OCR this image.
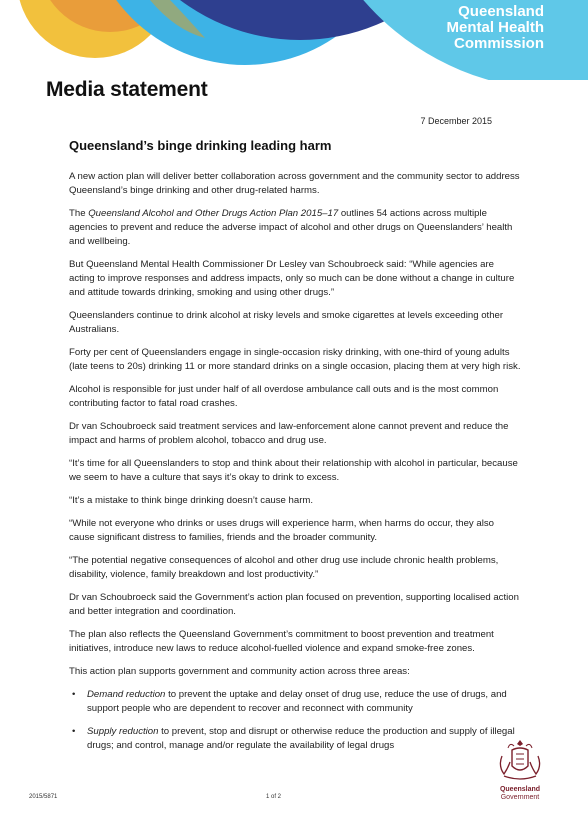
Queensland
Mental Health
Commission
Media statement
7 December 2015
Queensland’s binge drinking leading harm

A new action plan will deliver better collaboration across government and the community sector to address Queensland’s binge drinking and other drug-related harms.

The Queensland Alcohol and Other Drugs Action Plan 2015–17 outlines 54 actions across multiple agencies to prevent and reduce the adverse impact of alcohol and other drugs on Queenslanders’ health and wellbeing.

But Queensland Mental Health Commissioner Dr Lesley van Schoubroeck said: “While agencies are acting to improve responses and address impacts, only so much can be done without a change in culture and attitude towards drinking, smoking and using other drugs.”

Queenslanders continue to drink alcohol at risky levels and smoke cigarettes at levels exceeding other Australians.

Forty per cent of Queenslanders engage in single-occasion risky drinking, with one-third of young adults (late teens to 20s) drinking 11 or more standard drinks on a single occasion, placing them at very high risk.

Alcohol is responsible for just under half of all overdose ambulance call outs and is the most common contributing factor to fatal road crashes.

Dr van Schoubroeck said treatment services and law-enforcement alone cannot prevent and reduce the impact and harms of problem alcohol, tobacco and drug use.

“It’s time for all Queenslanders to stop and think about their relationship with alcohol in particular, because we seem to have a culture that says it’s okay to drink to excess.

“It’s a mistake to think binge drinking doesn’t cause harm.

“While not everyone who drinks or uses drugs will experience harm, when harms do occur, they also cause significant distress to families, friends and the broader community.

“The potential negative consequences of alcohol and other drug use include chronic health problems, disability, violence, family breakdown and lost productivity.”

Dr van Schoubroeck said the Government’s action plan focused on prevention, supporting localised action and better integration and coordination.

The plan also reflects the Queensland Government’s commitment to boost prevention and treatment initiatives, introduce new laws to reduce alcohol-fuelled violence and expand smoke-free zones.

This action plan supports government and community action across three areas:

• Demand reduction to prevent the uptake and delay onset of drug use, reduce the use of drugs, and support people who are dependent to recover and reconnect with community
• Supply reduction to prevent, stop and disrupt or otherwise reduce the production and supply of illegal drugs; and control, manage and/or regulate the availability of legal drugs
Queensland
Government
2015/5871	1 of 2
